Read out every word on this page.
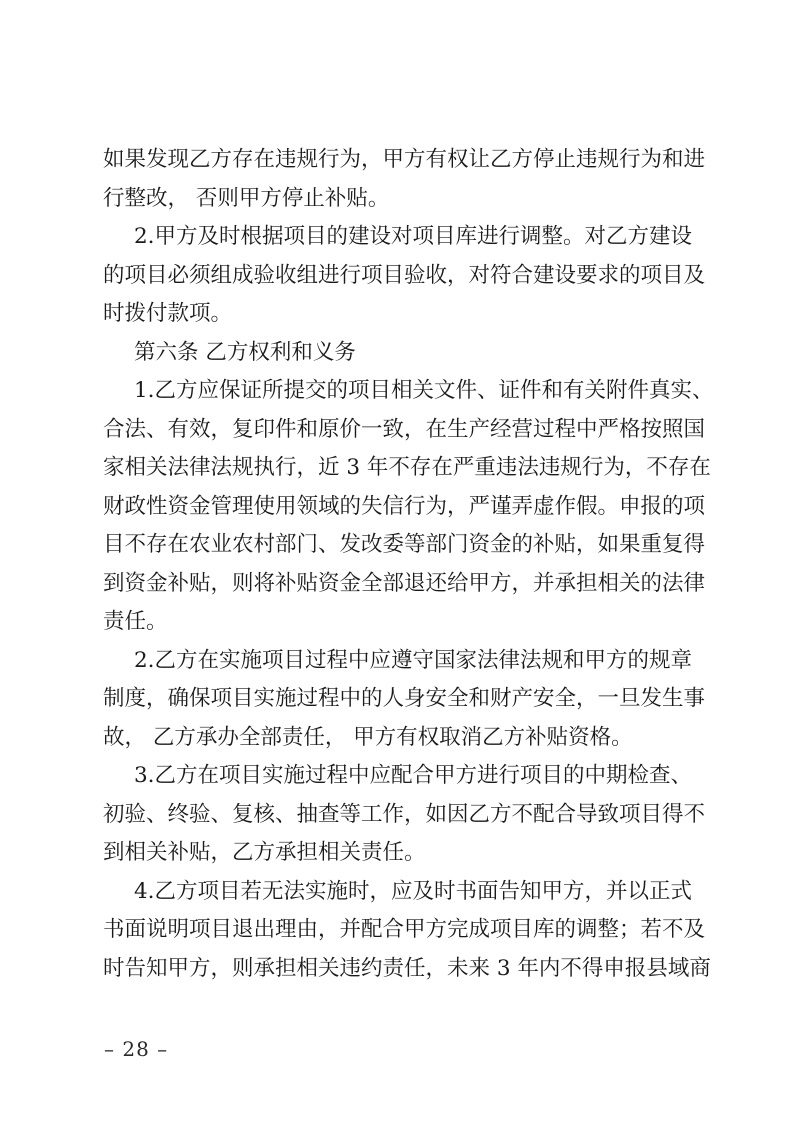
如果发现乙方存在违规行为，甲方有权让乙方停止违规行为和进
行整改， 否则甲方停止补贴。
2.甲方及时根据项目的建设对项目库进行调整。对乙方建设
的项目必须组成验收组进行项目验收，对符合建设要求的项目及
时拨付款项。
第六条 乙方权利和义务
1.乙方应保证所提交的项目相关文件、证件和有关附件真实、
合法、有效，复印件和原价一致，在生产经营过程中严格按照国
家相关法律法规执行，近 3 年不存在严重违法违规行为，不存在
财政性资金管理使用领域的失信行为，严谨弄虚作假。申报的项
目不存在农业农村部门、发改委等部门资金的补贴，如果重复得
到资金补贴，则将补贴资金全部退还给甲方，并承担相关的法律
责任。
2.乙方在实施项目过程中应遵守国家法律法规和甲方的规章
制度，确保项目实施过程中的人身安全和财产安全，一旦发生事
故， 乙方承办全部责任， 甲方有权取消乙方补贴资格。
3.乙方在项目实施过程中应配合甲方进行项目的中期检查、
初验、终验、复核、抽查等工作，如因乙方不配合导致项目得不
到相关补贴，乙方承担相关责任。
4.乙方项目若无法实施时，应及时书面告知甲方，并以正式
书面说明项目退出理由，并配合甲方完成项目库的调整；若不及
时告知甲方，则承担相关违约责任，未来 3 年内不得申报县域商
– 28 –
